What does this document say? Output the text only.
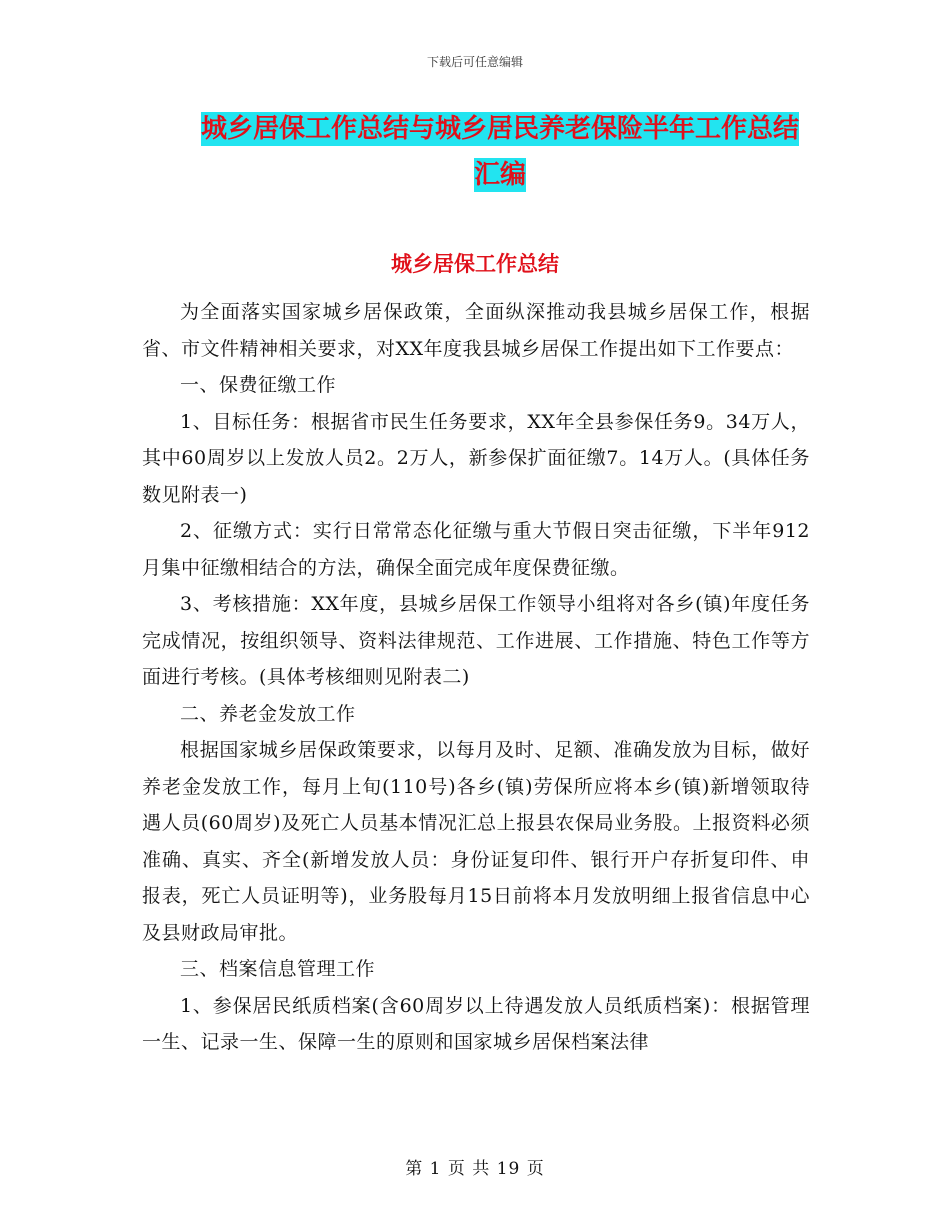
下载后可任意编辑
城乡居保工作总结与城乡居民养老保险半年工作总结
汇编
城乡居保工作总结

为全面落实国家城乡居保政策，全面纵深推动我县城乡居保工作，根据省、市文件精神相关要求，对XX年度我县城乡居保工作提出如下工作要点：

一、保费征缴工作

1、目标任务：根据省市民生任务要求，XX年全县参保任务9。34万人，其中60周岁以上发放人员2。2万人，新参保扩面征缴7。14万人。(具体任务数见附表一)

2、征缴方式：实行日常常态化征缴与重大节假日突击征缴，下半年912月集中征缴相结合的方法，确保全面完成年度保费征缴。

3、考核措施：XX年度，县城乡居保工作领导小组将对各乡(镇)年度任务完成情况，按组织领导、资料法律规范、工作进展、工作措施、特色工作等方面进行考核。(具体考核细则见附表二)

二、养老金发放工作

根据国家城乡居保政策要求，以每月及时、足额、准确发放为目标，做好养老金发放工作，每月上旬(110号)各乡(镇)劳保所应将本乡(镇)新增领取待遇人员(60周岁)及死亡人员基本情况汇总上报县农保局业务股。上报资料必须准确、真实、齐全(新增发放人员：身份证复印件、银行开户存折复印件、申报表，死亡人员证明等)，业务股每月15日前将本月发放明细上报省信息中心及县财政局审批。

三、档案信息管理工作

1、参保居民纸质档案(含60周岁以上待遇发放人员纸质档案)：根据管理一生、记录一生、保障一生的原则和国家城乡居保档案法律

第 1 页 共 19 页
